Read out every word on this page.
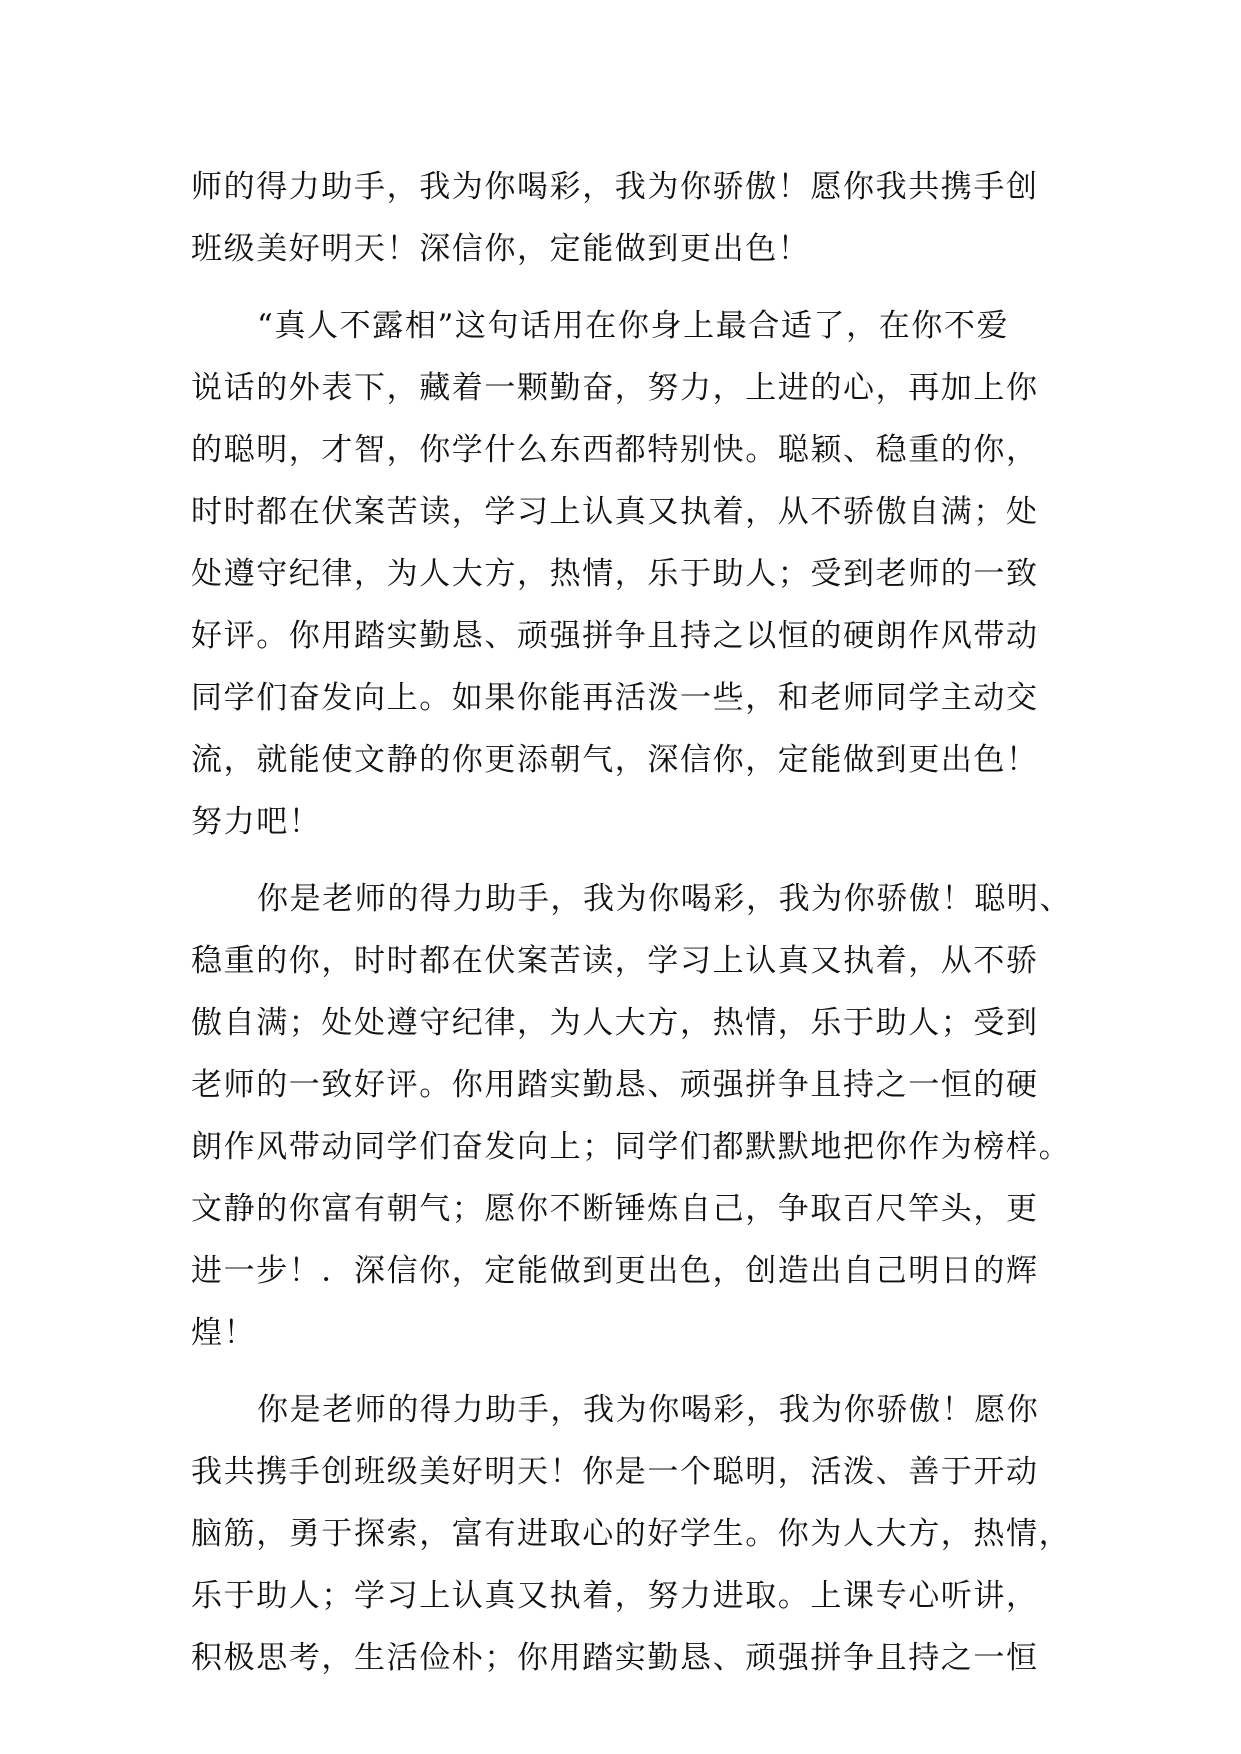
师的得力助手，我为你喝彩，我为你骄傲！愿你我共携手创
班级美好明天！深信你，定能做到更出色！
“真人不露相”这句话用在你身上最合适了，在你不爱
说话的外表下，藏着一颗勤奋，努力，上进的心，再加上你
的聪明，才智，你学什么东西都特别快。聪颖、稳重的你，
时时都在伏案苦读，学习上认真又执着，从不骄傲自满；处
处遵守纪律，为人大方，热情，乐于助人；受到老师的一致
好评。你用踏实勤恳、顽强拼争且持之以恒的硬朗作风带动
同学们奋发向上。如果你能再活泼一些，和老师同学主动交
流，就能使文静的你更添朝气，深信你，定能做到更出色！
努力吧！
你是老师的得力助手，我为你喝彩，我为你骄傲！聪明、
稳重的你，时时都在伏案苦读，学习上认真又执着，从不骄
傲自满；处处遵守纪律，为人大方，热情，乐于助人；受到
老师的一致好评。你用踏实勤恳、顽强拼争且持之一恒的硬
朗作风带动同学们奋发向上；同学们都默默地把你作为榜样。
文静的你富有朝气；愿你不断锤炼自己，争取百尺竿头，更
进一步！．深信你，定能做到更出色，创造出自己明日的辉
煌！
你是老师的得力助手，我为你喝彩，我为你骄傲！愿你
我共携手创班级美好明天！你是一个聪明，活泼、善于开动
脑筋，勇于探索，富有进取心的好学生。你为人大方，热情，
乐于助人；学习上认真又执着，努力进取。上课专心听讲，
积极思考，生活俭朴；你用踏实勤恳、顽强拼争且持之一恒
